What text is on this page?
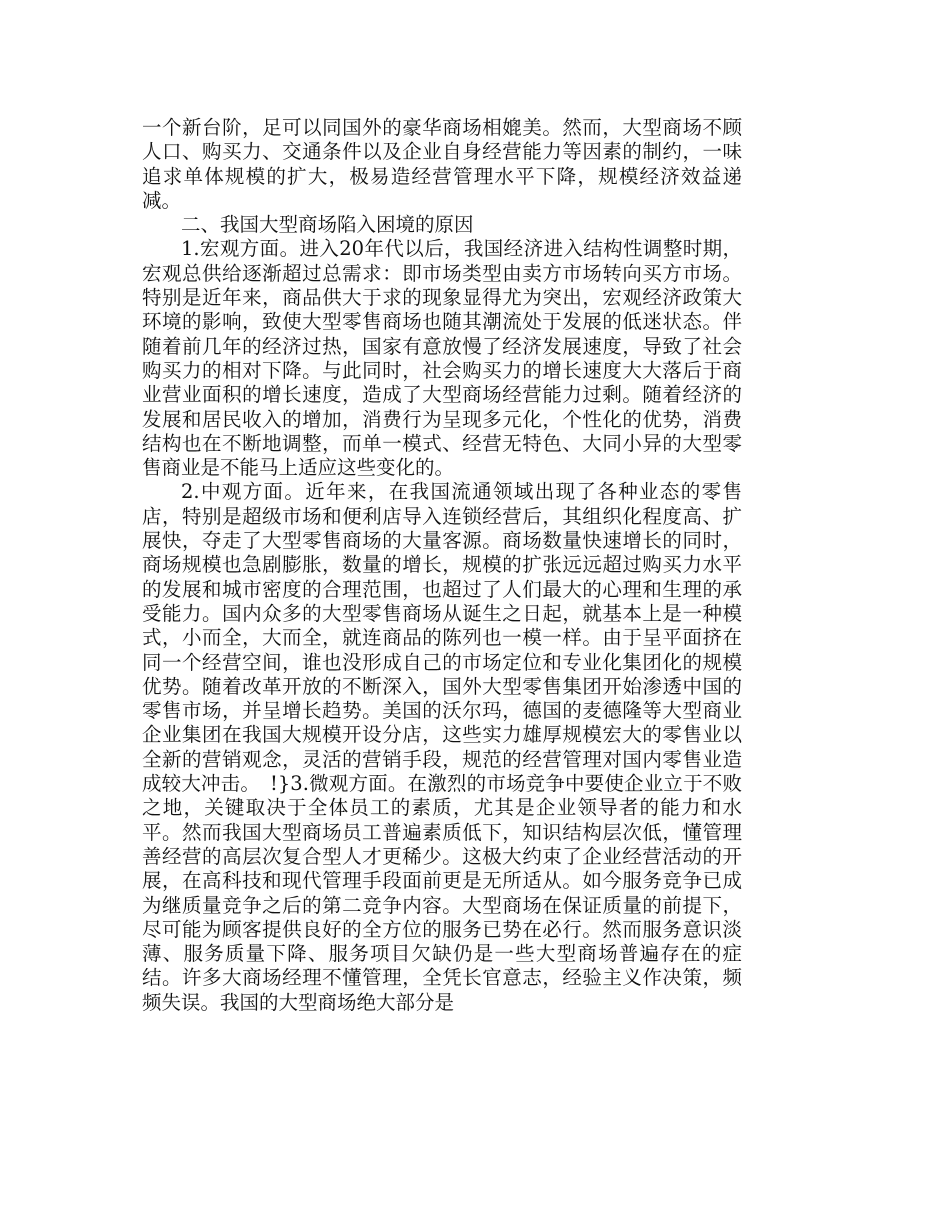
一个新台阶，足可以同国外的豪华商场相媲美。然而，大型商场不顾人口、购买力、交通条件以及企业自身经营能力等因素的制约，一味追求单体规模的扩大，极易造经营管理水平下降，规模经济效益递减。

二、我国大型商场陷入困境的原因

1.宏观方面。进入20年代以后，我国经济进入结构性调整时期，宏观总供给逐渐超过总需求：即市场类型由卖方市场转向买方市场。特别是近年来，商品供大于求的现象显得尤为突出，宏观经济政策大环境的影响，致使大型零售商场也随其潮流处于发展的低迷状态。伴随着前几年的经济过热，国家有意放慢了经济发展速度，导致了社会购买力的相对下降。与此同时，社会购买力的增长速度大大落后于商业营业面积的增长速度，造成了大型商场经营能力过剩。随着经济的发展和居民收入的增加，消费行为呈现多元化，个性化的优势，消费结构也在不断地调整，而单一模式、经营无特色、大同小异的大型零售商业是不能马上适应这些变化的。

2.中观方面。近年来，在我国流通领域出现了各种业态的零售店，特别是超级市场和便利店导入连锁经营后，其组织化程度高、扩展快，夺走了大型零售商场的大量客源。商场数量快速增长的同时，商场规模也急剧膨胀，数量的增长，规模的扩张远远超过购买力水平的发展和城市密度的合理范围，也超过了人们最大的心理和生理的承受能力。国内众多的大型零售商场从诞生之日起，就基本上是一种模式，小而全，大而全，就连商品的陈列也一模一样。由于呈平面挤在同一个经营空间，谁也没形成自己的市场定位和专业化集团化的规模优势。随着改革开放的不断深入，国外大型零售集团开始渗透中国的零售市场，并呈增长趋势。美国的沃尔玛，德国的麦德隆等大型商业企业集团在我国大规模开设分店，这些实力雄厚规模宏大的零售业以全新的营销观念，灵活的营销手段，规范的经营管理对国内零售业造成较大冲击。　!}3.微观方面。在激烈的市场竞争中要使企业立于不败之地，关键取决于全体员工的素质，尤其是企业领导者的能力和水平。然而我国大型商场员工普遍素质低下，知识结构层次低，懂管理善经营的高层次复合型人才更稀少。这极大约束了企业经营活动的开展，在高科技和现代管理手段面前更是无所适从。如今服务竞争已成为继质量竞争之后的第二竞争内容。大型商场在保证质量的前提下，尽可能为顾客提供良好的全方位的服务已势在必行。然而服务意识淡薄、服务质量下降、服务项目欠缺仍是一些大型商场普遍存在的症结。许多大商场经理不懂管理，全凭长官意志，经验主义作决策，频频失误。我国的大型商场绝大部分是
